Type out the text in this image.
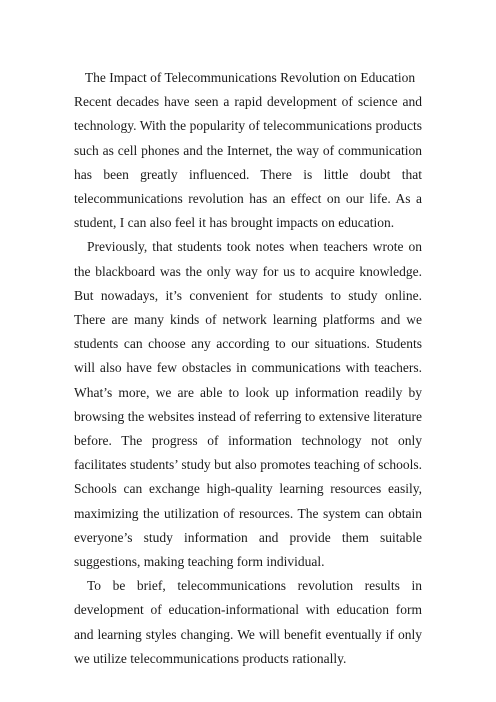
The Impact of Telecommunications Revolution on Education

Recent decades have seen a rapid development of science and technology. With the popularity of telecommunications products such as cell phones and the Internet, the way of communication has been greatly influenced. There is little doubt that telecommunications revolution has an effect on our life. As a student, I can also feel it has brought impacts on education.

Previously, that students took notes when teachers wrote on the blackboard was the only way for us to acquire knowledge. But nowadays, it’s convenient for students to study online. There are many kinds of network learning platforms and we students can choose any according to our situations. Students will also have few obstacles in communications with teachers. What’s more, we are able to look up information readily by browsing the websites instead of referring to extensive literature before. The progress of information technology not only facilitates students’ study but also promotes teaching of schools. Schools can exchange high-quality learning resources easily, maximizing the utilization of resources. The system can obtain everyone’s study information and provide them suitable suggestions, making teaching form individual.

To be brief, telecommunications revolution results in development of education-informational with education form and learning styles changing. We will benefit eventually if only we utilize telecommunications products rationally.
